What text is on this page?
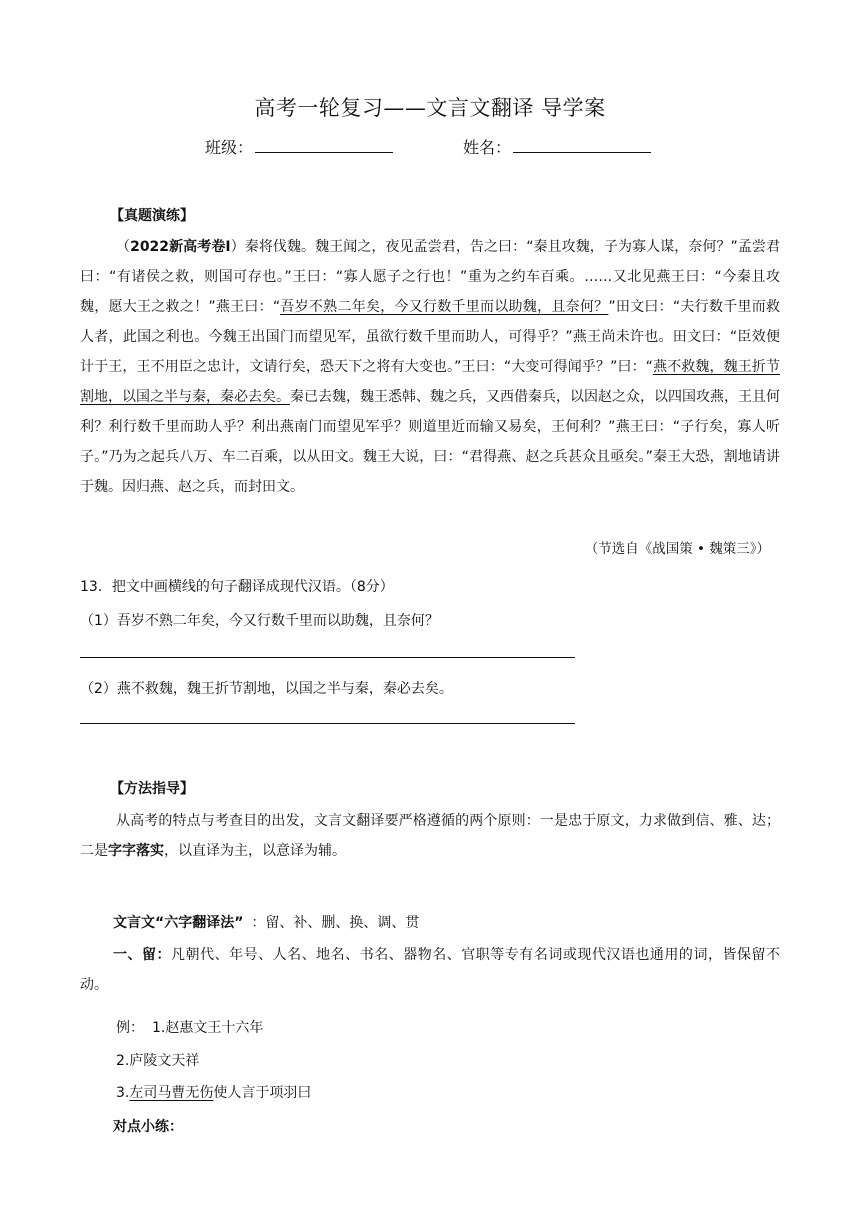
高考一轮复习——文言文翻译 导学案
班级：	姓名：
【真题演练】
（2022新高考卷Ⅰ）秦将伐魏。魏王闻之，夜见孟尝君，告之曰：“秦且攻魏，子为寡人谋，奈何？”孟尝君曰：“有诸侯之救，则国可存也。”王曰：“寡人愿子之行也！”重为之约车百乘。……又北见燕王曰：“今秦且攻魏，愿大王之救之！”燕王曰：“吾岁不熟二年矣，今又行数千里而以助魏，且奈何？”田文曰：“夫行数千里而救人者，此国之利也。今魏王出国门而望见军，虽欲行数千里而助人，可得乎？”燕王尚未许也。田文曰：“臣效便计于王，王不用臣之忠计，文请行矣，恐天下之将有大变也。”王曰：“大变可得闻乎？”曰：“燕不救魏，魏王折节割地，以国之半与秦，秦必去矣。秦已去魏，魏王悉韩、魏之兵，又西借秦兵，以因赵之众，以四国攻燕，王且何利？利行数千里而助人乎？利出燕南门而望见军乎？则道里近而输又易矣，王何利？”燕王曰：“子行矣，寡人听子。”乃为之起兵八万、车二百乘，以从田文。魏王大说，曰：“君得燕、赵之兵甚众且亟矣。”秦王大恐，割地请讲于魏。因归燕、赵之兵，而封田文。
（节选自《战国策 • 魏策三》）
13．把文中画横线的句子翻译成现代汉语。（8分）
（1）吾岁不熟二年矣，今又行数千里而以助魏，且奈何？
（2）燕不救魏，魏王折节割地，以国之半与秦，秦必去矣。
【方法指导】
从高考的特点与考查目的出发，文言文翻译要严格遵循的两个原则：一是忠于原文，力求做到信、雅、达；二是字字落实，以直译为主，以意译为辅。
文言文“六字翻译法” ：留、补、删、换、调、贯
一、留：凡朝代、年号、人名、地名、书名、器物名、官职等专有名词或现代汉语也通用的词，皆保留不动。
例： 1.赵惠文王十六年
2.庐陵文天祥
3.左司马曹无伤使人言于项羽曰
对点小练：
